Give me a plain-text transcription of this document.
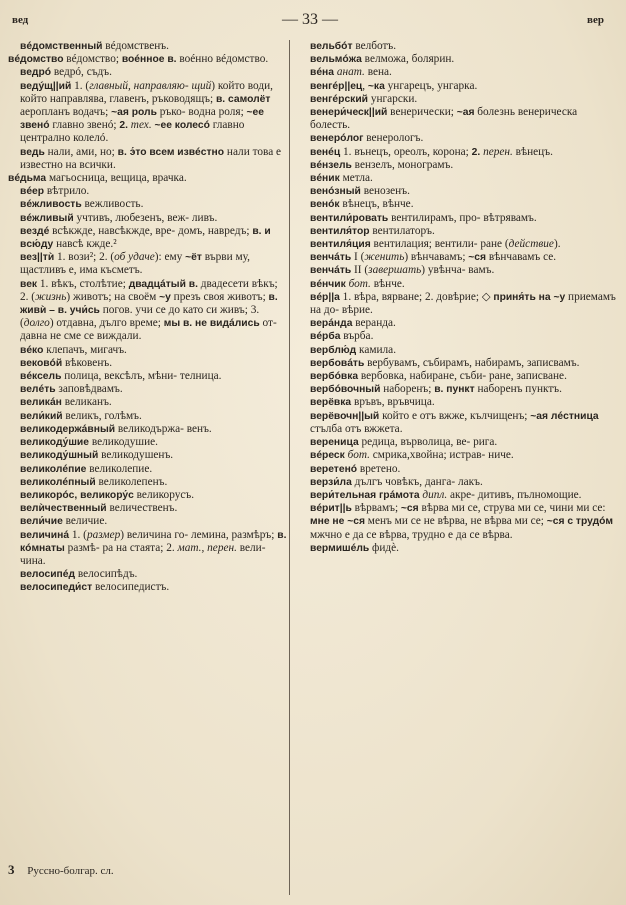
вед	— 33 —	вер
вéдомственный вéдомственъ.
вéдомство вéдомство; воéнное в. воéнно вéдомство.
ведрó ведрó, съдъ.
ведýщ||ий 1. (главный, направляю- щий) който води, който направлява, главенъ, ръководящъ; в. самолёт аеропланъ водачъ; ~ая роль ръко- водна роля; ~ее звенó главно звенó; 2. тех. ~ее колесó главно централно колелó.
ведь нали, ами, но; в. э́то всем извéстно нали това е известно на всички.
вéдьма магьосница, вещица, врачка.
вéер вѣтрило.
вéжливость вежливость.
вéжливый учтивъ, любезенъ, веж- ливъ.
вездé всѣкжде, навсѣкжде, вре- домъ, навредъ; в. и вcю́ду навсѣ кжде.²
вез||тѝ 1. вози²; 2. (об удаче): ему ~ёт върви му, щастливъ е, има късметъ.
век 1. вѣкъ, столѣтие; двадцáтый в. двадесети вѣкъ; 2. (жизнь) животъ; на своём ~у презъ своя животъ; в. живѝ – в. учи́сь погов. учи се до като си живъ; 3. (долго) отдавна, дълго време; мы в. не видáлись от- давна не сме се виждали.
вéко клепачъ, мигачъ.
вековóй вѣковенъ.
вéксель полица, вексѣлъ, мѣни- телница.
велéть заповѣдвамъ.
великáн великанъ.
вели́кий великъ, голѣмъ.
великодержáвный великодържа- венъ.
великоду́шие великодушие.
великоду́шный великодушенъ.
великолéпие великолепие.
великолéпный великолепенъ.
великорóс, великору́с великорусъ.
велѝчественный величественъ.
вели́чие величие.
величинá 1. (размер) величина го- лемина, размѣръ; в. кóмнаты размѣ- ра на стаята; 2. мат., перен. вели- чина.
велосипéд велосипѣдъ.
велосипеди́ст велосипедистъ.
вельбóт велботъ.
вельмóжа велможа, болярин.
вéна анат. вена.
венгéр||ец, ~ка унгарецъ, унгарка.
венгéрский унгарски.
венери́ческ||ий венерически; ~ая болезнь венерическа болесть.
венерóлог венерологъ.
венéц 1. вънецъ, ореолъ, корона; 2. перен. вѣнецъ.
вéнзель вензелъ, монограмъ.
вéник метла.
венóзный венозенъ.
венóк вѣнецъ, вѣнче.
вентили́ровать вентилирамъ, про- вѣтрявамъ.
вентиля́тор вентилаторъ.
вентиля́ция вентилация; вентили- ране (действие).
венчáть I (женить) вѣнчавамъ; ~ся вѣнчавамъ се.
венчáть II (завершать) увѣнча- вамъ.
вéнчик бот. вѣнче.
вéр||а 1. вѣра, вярване; 2. довѣрие; ◇ приня́ть на ~у приемамъ на до- вѣрие.
верáнда веранда.
вéрба върба.
верблю́д камила.
вербовáть вербувамъ, събирамъ, набирамъ, записвамъ.
вербóвка вербовка, набиране, съби- ране, записване.
вербóвочный наборенъ; в. пункт наборенъ пунктъ.
верёвка връвъ, връвчица.
верёвочн||ый който е отъ вжже, кълчищенъ; ~ая лéстница стълба отъ вжжета.
вереница редица, върволица, ве- рига.
вéреск бот. смрика,хвойна; истрав- ниче.
веретенó вретено.
верзи́ла дългъ човѣкъ, данга- лакъ.
вери́тельная грáмота дипл. акре- дитивъ, пълномощие.
вéрит||ь вѣрвамъ; ~ся вѣрва ми се, струва ми се, чини ми се: мне не ~ся менъ ми се не вѣрва, не вѣрва ми се; ~ся с трудóм мжчно е да се вѣрва, трудно е да се вѣрва.
вермишéль фидѐ.
3 Руссно-болгар. сл.
